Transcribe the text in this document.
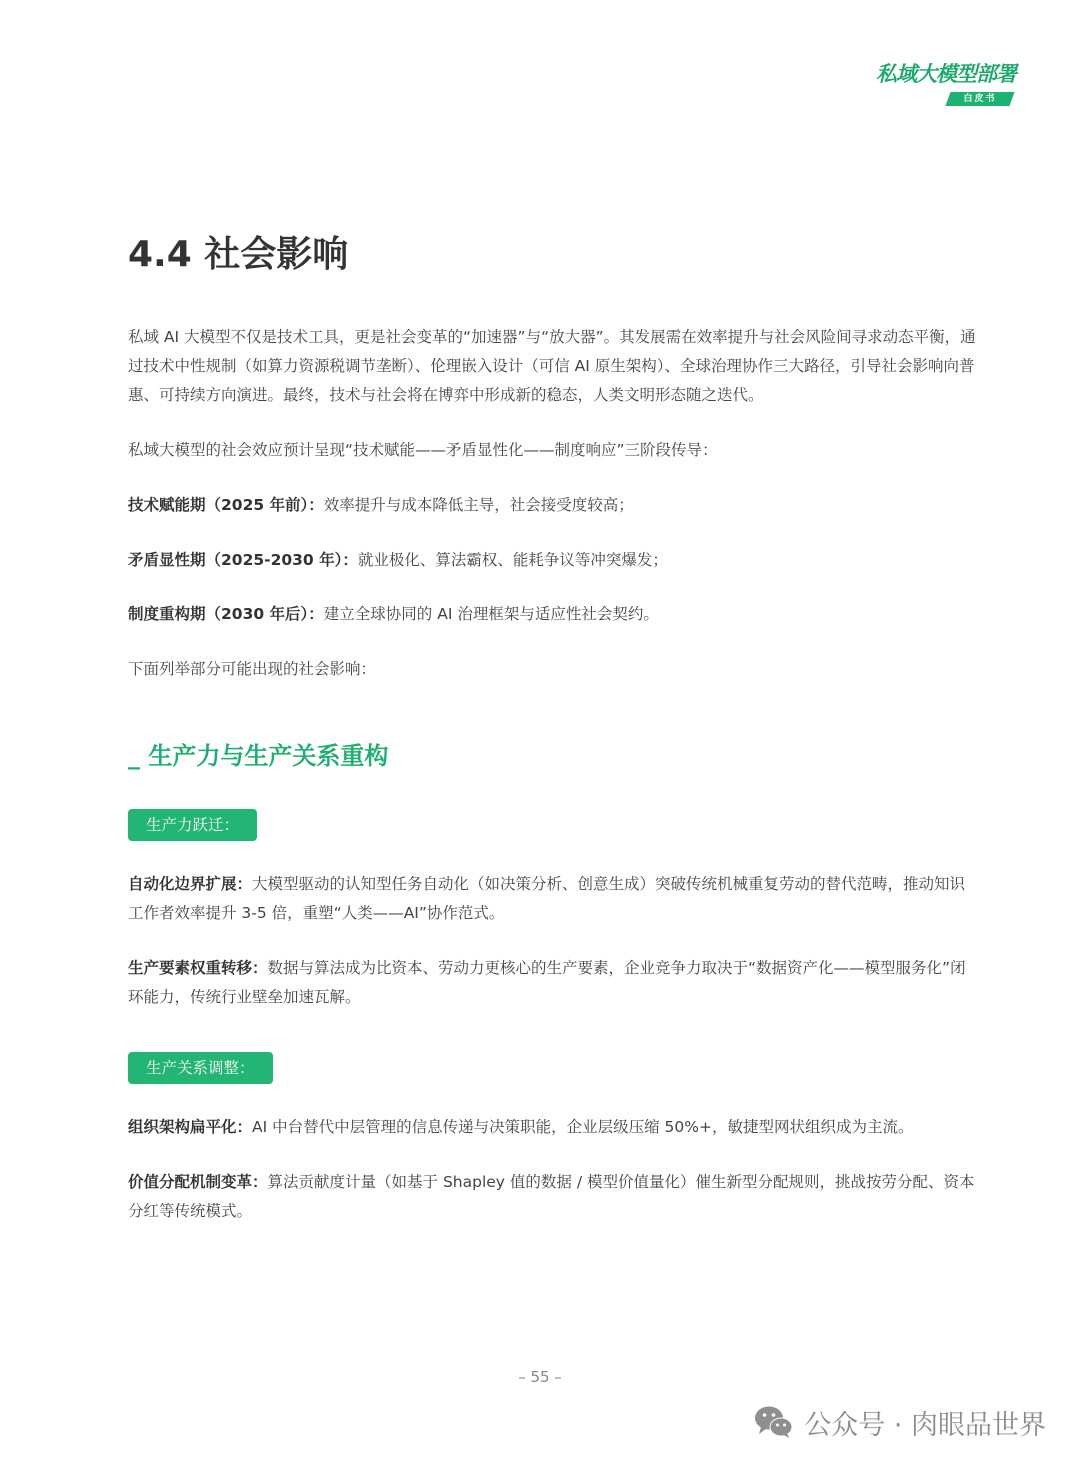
私域大模型部署
白皮书
4.4 社会影响

私域 AI 大模型不仅是技术工具，更是社会变革的“加速器”与“放大器”。其发展需在效率提升与社会风险间寻求动态平衡，通过技术中性规制（如算力资源税调节垄断）、伦理嵌入设计（可信 AI 原生架构）、全球治理协作三大路径，引导社会影响向普惠、可持续方向演进。最终，技术与社会将在博弈中形成新的稳态，人类文明形态随之迭代。

私域大模型的社会效应预计呈现“技术赋能——矛盾显性化——制度响应”三阶段传导：

技术赋能期（2025 年前）：效率提升与成本降低主导，社会接受度较高；

矛盾显性期（2025-2030 年）：就业极化、算法霸权、能耗争议等冲突爆发；

制度重构期（2030 年后）：建立全球协同的 AI 治理框架与适应性社会契约。

下面列举部分可能出现的社会影响：

_ 生产力与生产关系重构
生产力跃迁：

自动化边界扩展：大模型驱动的认知型任务自动化（如决策分析、创意生成）突破传统机械重复劳动的替代范畴，推动知识工作者效率提升 3-5 倍，重塑“人类——AI”协作范式。

生产要素权重转移：数据与算法成为比资本、劳动力更核心的生产要素，企业竞争力取决于“数据资产化——模型服务化”闭环能力，传统行业壁垒加速瓦解。

生产关系调整：

组织架构扁平化：AI 中台替代中层管理的信息传递与决策职能，企业层级压缩 50%+，敏捷型网状组织成为主流。

价值分配机制变革：算法贡献度计量（如基于 Shapley 值的数据 / 模型价值量化）催生新型分配规则，挑战按劳分配、资本分红等传统模式。

– 55 –
公众号 · 肉眼品世界
